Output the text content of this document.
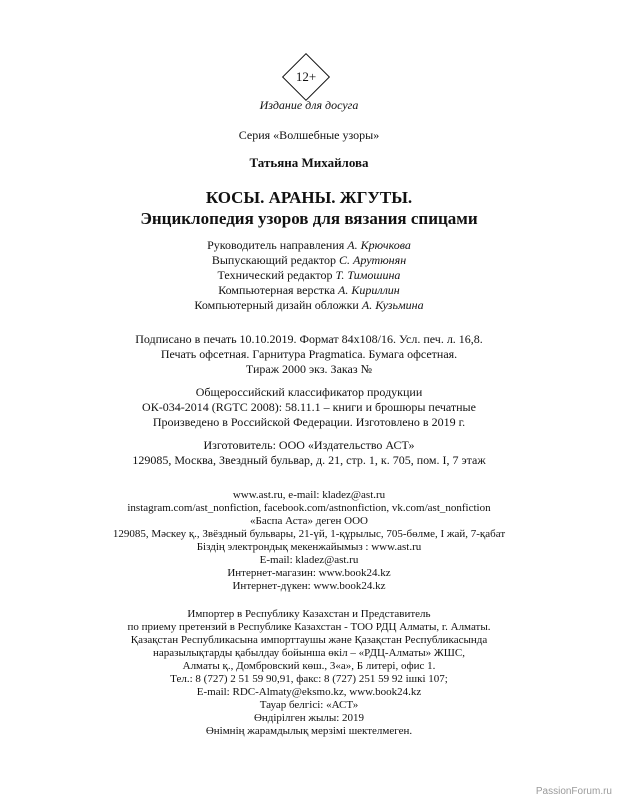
12+
Издание для досуга
Серия «Волшебные узоры»
Татьяна Михайлова
КОСЫ. АРАНЫ. ЖГУТЫ.
Энциклопедия узоров для вязания спицами
Руководитель направления А. Крючкова
Выпускающий редактор С. Арутюнян
Технический редактор Т. Тимошина
Компьютерная верстка А. Кириллин
Компьютерный дизайн обложки А. Кузьмина
Подписано в печать 10.10.2019. Формат 84x108/16. Усл. печ. л. 16,8.
Печать офсетная. Гарнитура Pragmatica. Бумага офсетная.
Тираж 2000 экз. Заказ №
Общероссийский классификатор продукции
ОК-034-2014 (RGTC 2008): 58.11.1 – книги и брошюры печатные
Произведено в Российской Федерации. Изготовлено в 2019 г.
Изготовитель: ООО «Издательство АСТ»
129085, Москва, Звездный бульвар, д. 21, стр. 1, к. 705, пом. I, 7 этаж
www.ast.ru, e-mail: kladez@ast.ru
instagram.com/ast_nonfiction, facebook.com/astnonfiction, vk.com/ast_nonfiction
«Баспа Аста» деген ООО
129085, Мәскеу қ., Звёздный бульвары, 21-үй, 1-құрылыс, 705-бөлме, I жай, 7-қабат
Біздің электрондық мекенжайымыз : www.ast.ru
E-mail: kladez@ast.ru
Интернет-магазин: www.book24.kz
Интернет-дүкен: www.book24.kz
Импортер в Республику Казахстан и Представитель
по приему претензий в Республике Казахстан - ТОО РДЦ Алматы, г. Алматы.
Қазақстан Республикасына импорттаушы және Қазақстан Республикасында
наразылықтарды қабылдау бойынша өкіл – «РДЦ-Алматы» ЖШС,
Алматы қ., Домбровский көш., 3«а», Б литері, офис 1.
Тел.: 8 (727) 2 51 59 90,91, факс: 8 (727) 251 59 92 ішкі 107;
E-mail: RDC-Almaty@eksmo.kz, www.book24.kz
Тауар белгісі: «АСТ»
Өндірілген жылы: 2019
Өнімнің жарамдылық мерзімі шектелмеген.
PassionForum.ru
